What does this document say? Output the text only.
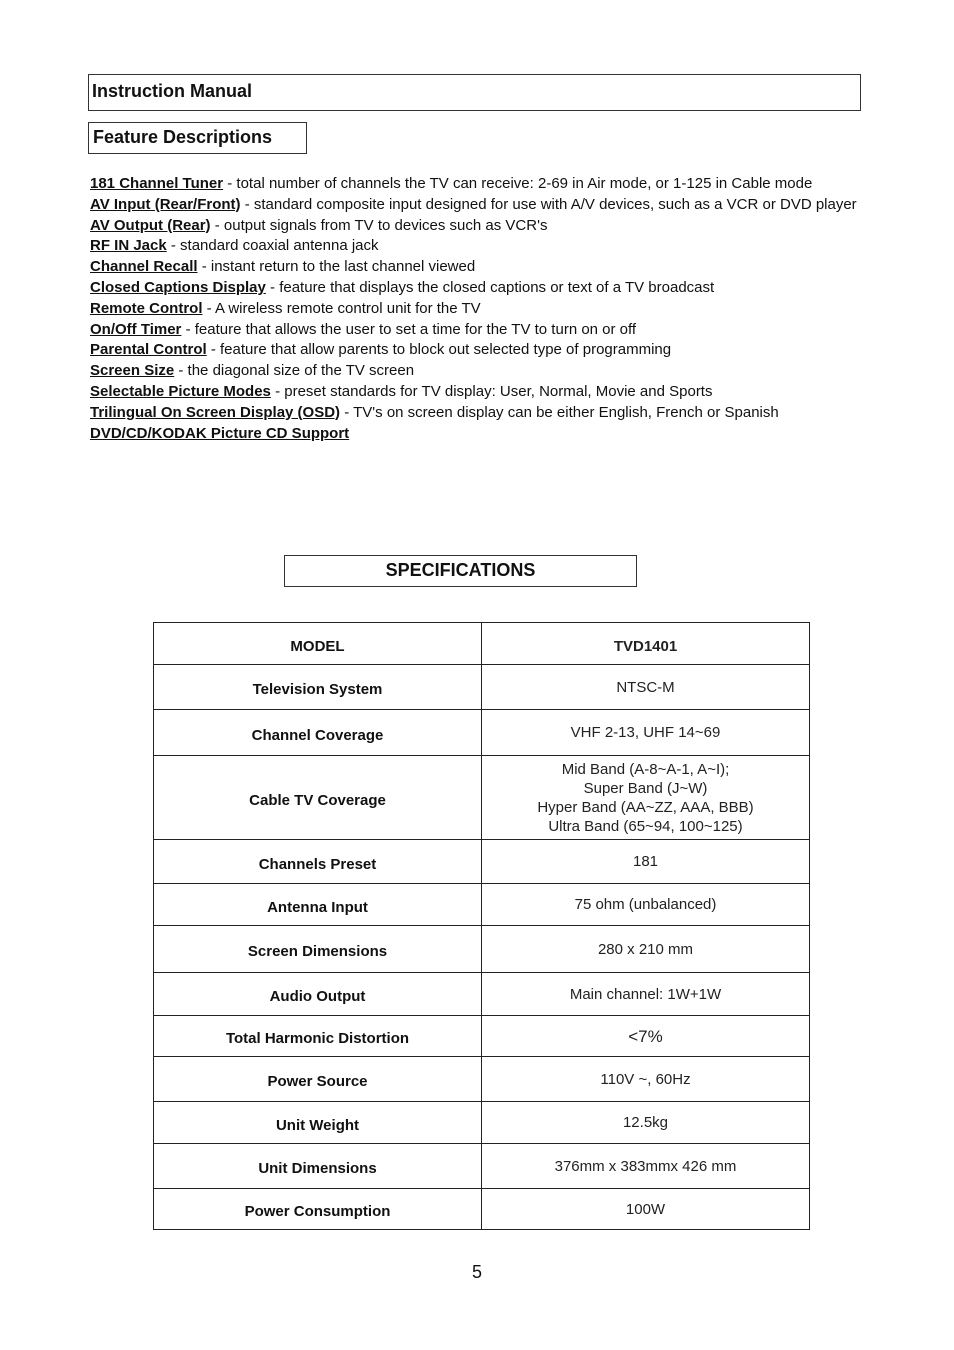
Instruction Manual
Feature Descriptions

181 Channel Tuner - total number of channels the TV can receive: 2-69 in Air mode, or 1-125 in Cable mode

AV Input (Rear/Front) - standard composite input designed for use with A/V devices, such as a VCR or DVD player

AV Output (Rear) - output signals from TV to devices such as VCR's

RF IN Jack - standard coaxial antenna jack

Channel Recall - instant return to the last channel viewed

Closed Captions Display - feature that displays the closed captions or text of a TV broadcast

Remote Control - A wireless remote control unit for the TV

On/Off Timer - feature that allows the user to set a time for the TV to turn on or off

Parental Control - feature that allow parents to block out selected type of programming

Screen Size - the diagonal size of the TV screen

Selectable Picture Modes - preset standards for TV display: User, Normal, Movie and Sports

Trilingual On Screen Display (OSD) - TV's on screen display can be either English, French or Spanish

DVD/CD/KODAK Picture CD Support

SPECIFICATIONS
MODEL	TVD1401
Television System	NTSC-M
Channel Coverage	VHF 2-13, UHF 14~69
Cable TV Coverage	Mid Band (A-8~A-1, A~I);
Super Band (J~W)
Hyper Band (AA~ZZ, AAA, BBB)
Ultra Band (65~94, 100~125)

Channels Preset	181
Antenna Input	75 ohm (unbalanced)
Screen Dimensions	280 x 210 mm
Audio Output	Main channel: 1W+1W
Total Harmonic Distortion	<7%
Power Source	110V ~, 60Hz
Unit Weight	12.5kg
Unit Dimensions	376mm x 383mmx 426 mm
Power Consumption	100W
5
